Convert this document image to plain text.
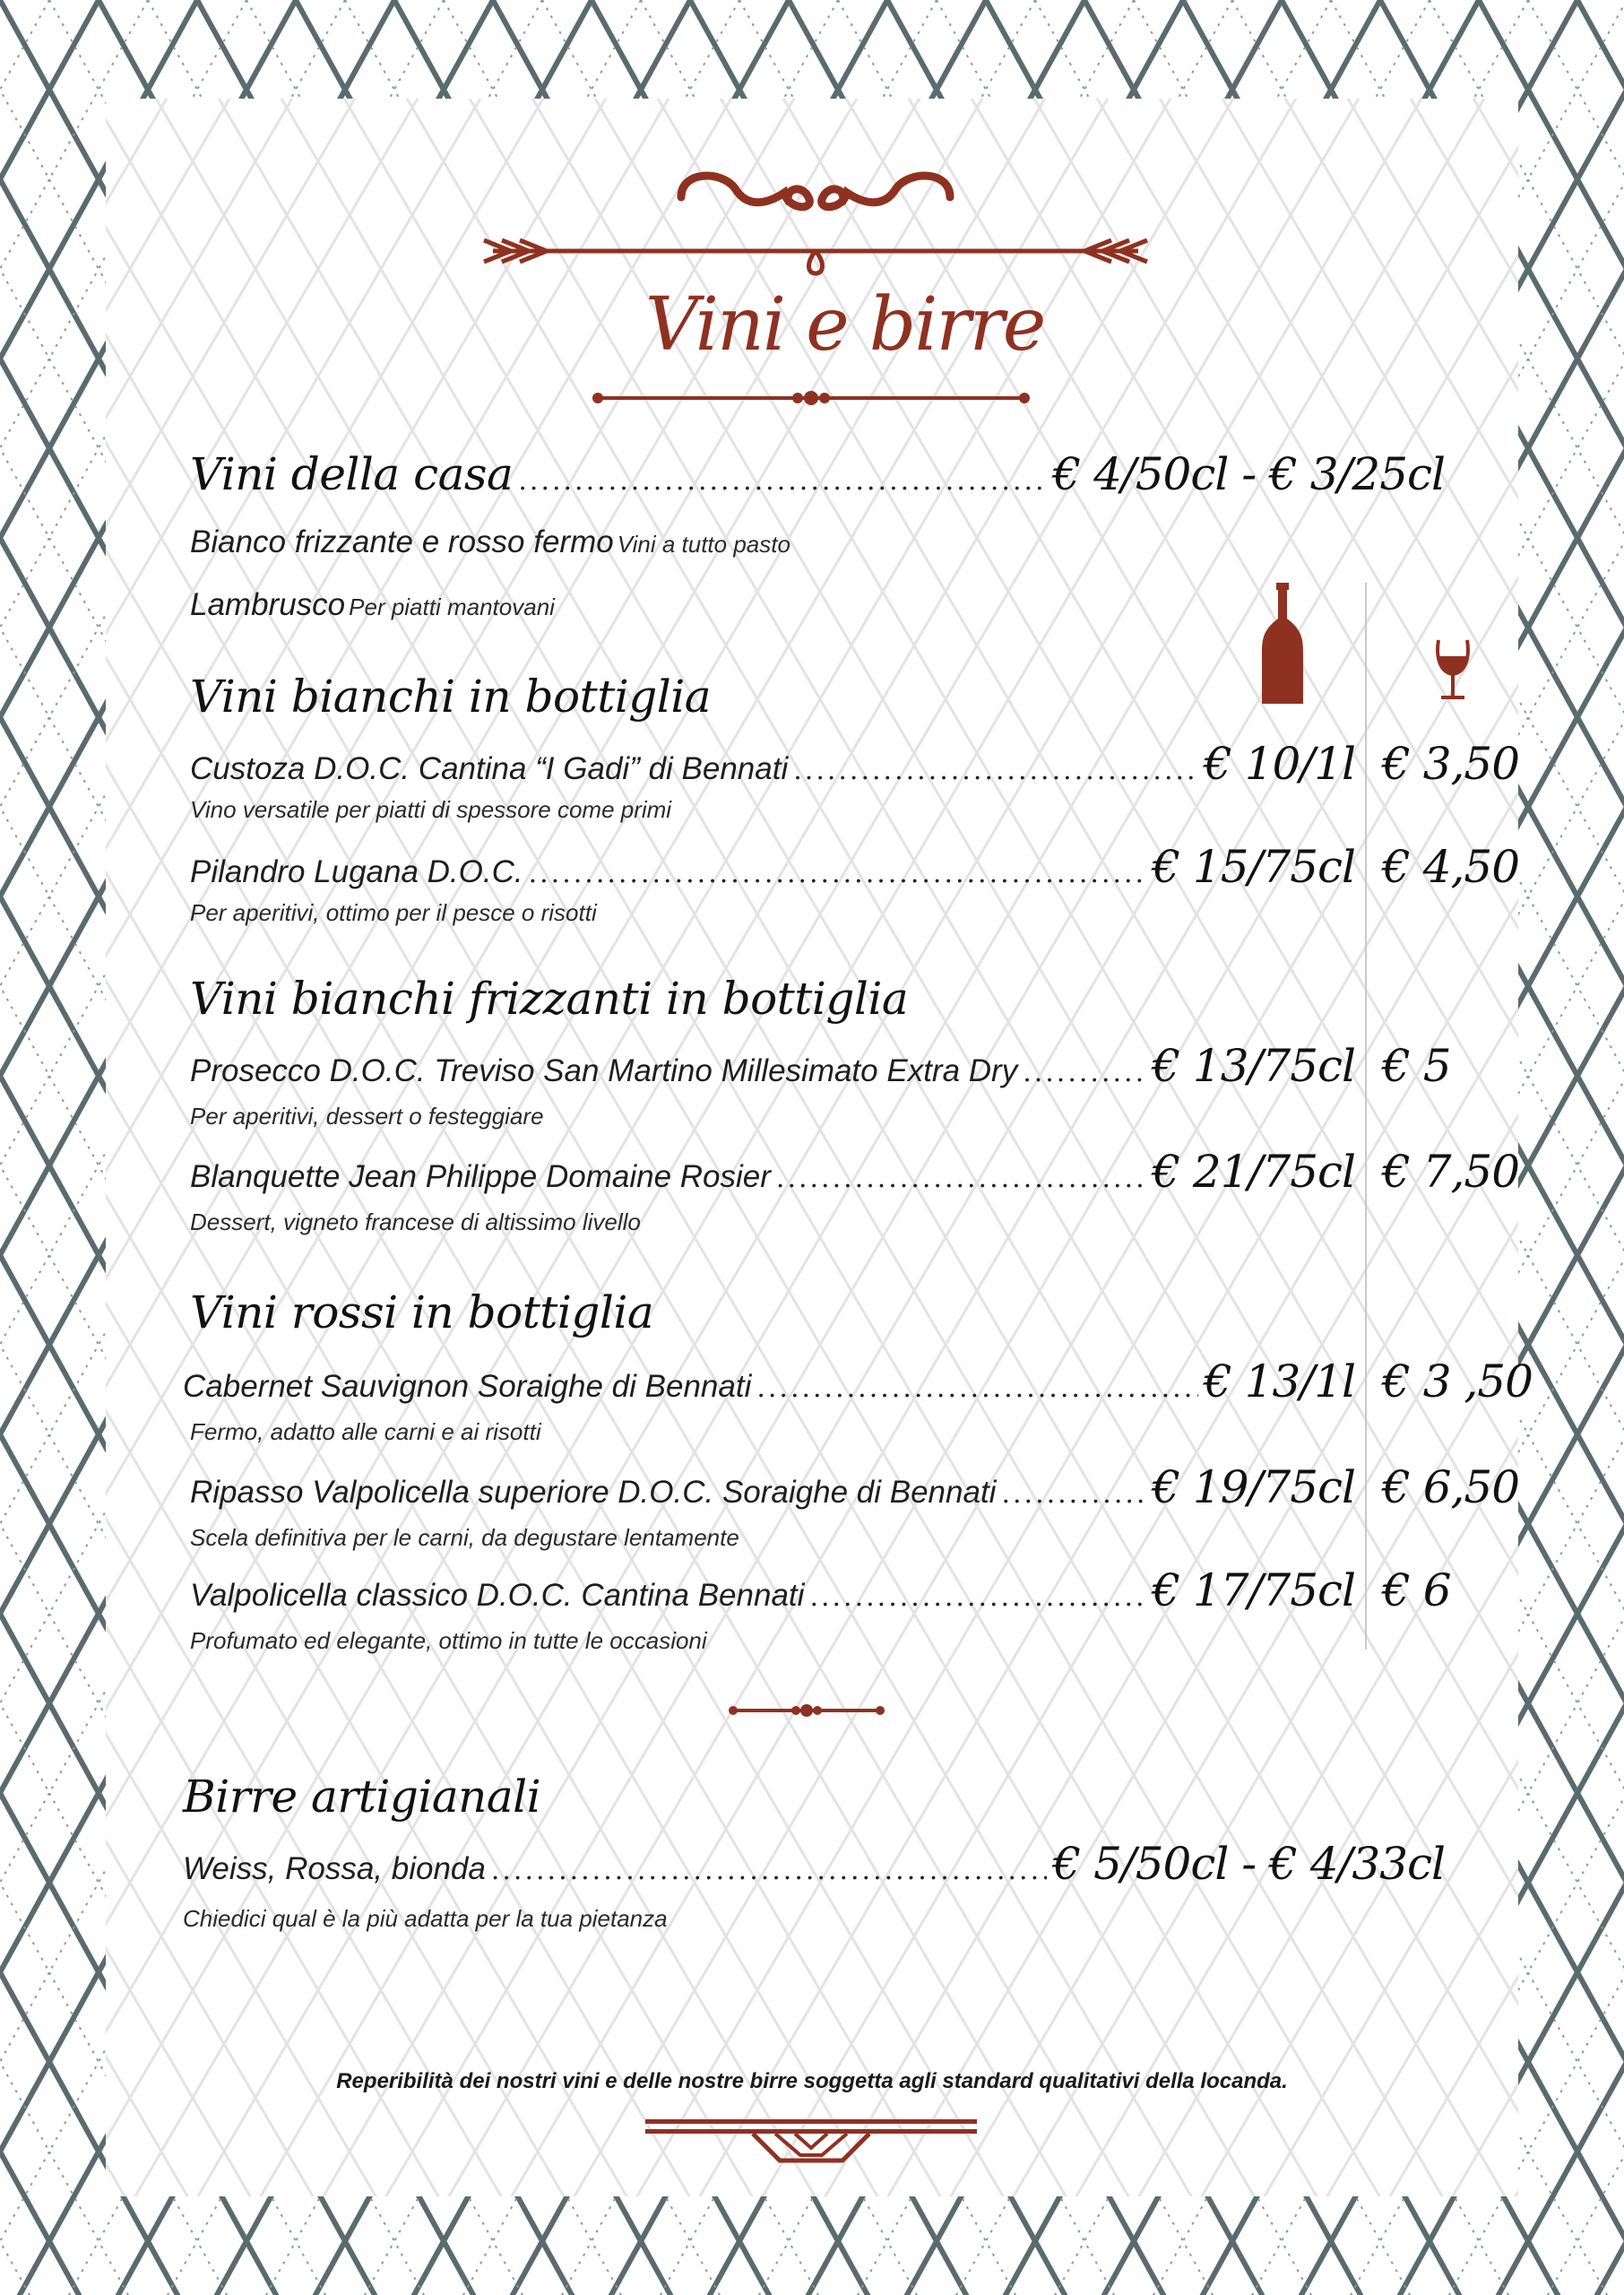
Vini e birre
Vini della casa .....	€ 4/50cl - € 3/25cl
Bianco frizzante e rosso fermo Vini a tutto pasto
Lambrusco Per piatti mantovani
Vini bianchi in bottiglia
Custoza D.O.C. Cantina “I Gadi” di Bennati .....	€ 10/1l € 3,50
Vino versatile per piatti di spessore come primi
Pilandro Lugana D.O.C. .....	€ 15/75cl € 4,50
Per aperitivi, ottimo per il pesce o risotti
Vini bianchi frizzanti in bottiglia
Prosecco D.O.C. Treviso San Martino Millesimato Extra Dry .....	€ 13/75cl € 5
Per aperitivi, dessert o festeggiare
Blanquette Jean Philippe Domaine Rosier .....	€ 21/75cl € 7,50
Dessert, vigneto francese di altissimo livello
Vini rossi in bottiglia
Cabernet Sauvignon Soraighe di Bennati .....	€ 13/1l € 3 ,50
Fermo, adatto alle carni e ai risotti
Ripasso Valpolicella superiore D.O.C. Soraighe di Bennati .....	€ 19/75cl € 6,50
Scela definitiva per le carni, da degustare lentamente
Valpolicella classico D.O.C. Cantina Bennati .....	€ 17/75cl € 6
Profumato ed elegante, ottimo in tutte le occasioni
Birre artigianali
Weiss, Rossa, bionda .....	€ 5/50cl - € 4/33cl
Chiedici qual è la più adatta per la tua pietanza
Reperibilità dei nostri vini e delle nostre birre soggetta agli standard qualitativi della locanda.
